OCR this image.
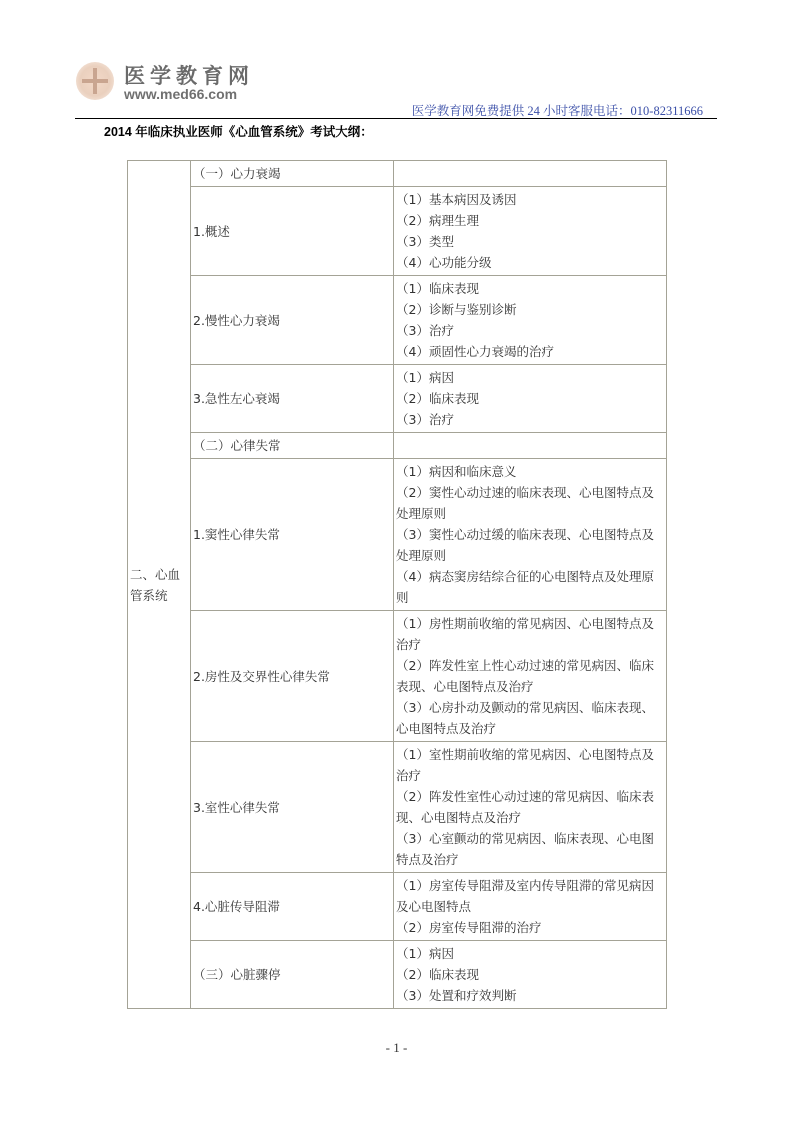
医学教育网
www.med66.com
医学教育网免费提供 24 小时客服电话：010-82311666
2014 年临床执业医师《心血管系统》考试大纲：
二、心血管系统	（一）心力衰竭	
	1.概述	（1）基本病因及诱因
（2）病理生理
（3）类型
（4）心功能分级

	2.慢性心力衰竭	（1）临床表现
（2）诊断与鉴别诊断
（3）治疗
（4）顽固性心力衰竭的治疗

	3.急性左心衰竭	（1）病因
（2）临床表现
（3）治疗

	（二）心律失常	
	1.窦性心律失常	（1）病因和临床意义
（2）窦性心动过速的临床表现、心电图特点及处理原则
（3）窦性心动过缓的临床表现、心电图特点及处理原则
（4）病态窦房结综合征的心电图特点及处理原则

	2.房性及交界性心律失常	（1）房性期前收缩的常见病因、心电图特点及治疗
（2）阵发性室上性心动过速的常见病因、临床表现、心电图特点及治疗
（3）心房扑动及颤动的常见病因、临床表现、心电图特点及治疗

	3.室性心律失常	（1）室性期前收缩的常见病因、心电图特点及治疗
（2）阵发性室性心动过速的常见病因、临床表现、心电图特点及治疗
（3）心室颤动的常见病因、临床表现、心电图特点及治疗

	4.心脏传导阻滞	（1）房室传导阻滞及室内传导阻滞的常见病因及心电图特点
（2）房室传导阻滞的治疗

	（三）心脏骤停	（1）病因
（2）临床表现
（3）处置和疗效判断
- 1 -
